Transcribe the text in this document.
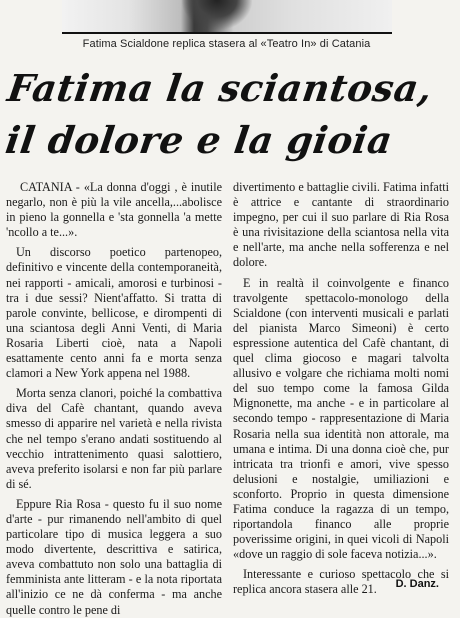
Fatima Scialdone replica stasera al «Teatro In» di Catania
Fatima la sciantosa,
il dolore e la gioia

CATANIA - «La donna d'oggi , è inutile negarlo, non è più la vile ancella,...abolisce in pieno la gonnella e 'sta gonnella 'a mette 'ncollo a te...».

Un discorso poetico partenopeo, definitivo e vincente della contemporaneità, nei rapporti - amicali, amorosi e turbinosi - tra i due sessi? Nient'affatto. Si tratta di parole convinte, bellicose, e dirompenti di una sciantosa degli Anni Venti, di Maria Rosaria Liberti cioè, nata a Napoli esattamente cento anni fa e morta senza clamori a New York appena nel 1988.

Morta senza clanori, poiché la combattiva diva del Cafè chantant, quando aveva smesso di apparire nel varietà e nella rivista che nel tempo s'erano andati sostituendo al vecchio intrattenimento quasi salottiero, aveva preferito isolarsi e non far più parlare di sé.

Eppure Ria Rosa - questo fu il suo nome d'arte - pur rimanendo nell'ambito di quel particolare tipo di musica leggera a suo modo divertente, descrittiva e satirica, aveva combattuto non solo una battaglia di femminista ante litteram - e la nota riportata all'inizio ce ne dà conferma - ma anche quelle contro le pene di

divertimento e battaglie civili. Fatima infatti è attrice e cantante di straordinario impegno, per cui il suo parlare di Ria Rosa è una rivisitazione della sciantosa nella vita e nell'arte, ma anche nella sofferenza e nel dolore.

E in realtà il coinvolgente e financo travolgente spettacolo-monologo della Scialdone (con interventi musicali e parlati del pianista Marco Simeoni) è certo espressione autentica del Cafè chantant, di quel clima giocoso e magari talvolta allusivo e volgare che richiama molti nomi del suo tempo come la famosa Gilda Mignonette, ma anche - e in particolare al secondo tempo - rappresentazione di Maria Rosaria nella sua identità non attorale, ma umana e intima. Di una donna cioè che, pur intricata tra trionfi e amori, vive spesso delusioni e nostalgie, umiliazioni e sconforto. Proprio in questa dimensione Fatima conduce la ragazza di un tempo, riportandola financo alle proprie poverissime origini, in quei vicoli di Napoli «dove un raggio di sole faceva notizia...».

Interessante e curioso spettacolo che si replica ancora stasera alle 21.	D. Danz.
